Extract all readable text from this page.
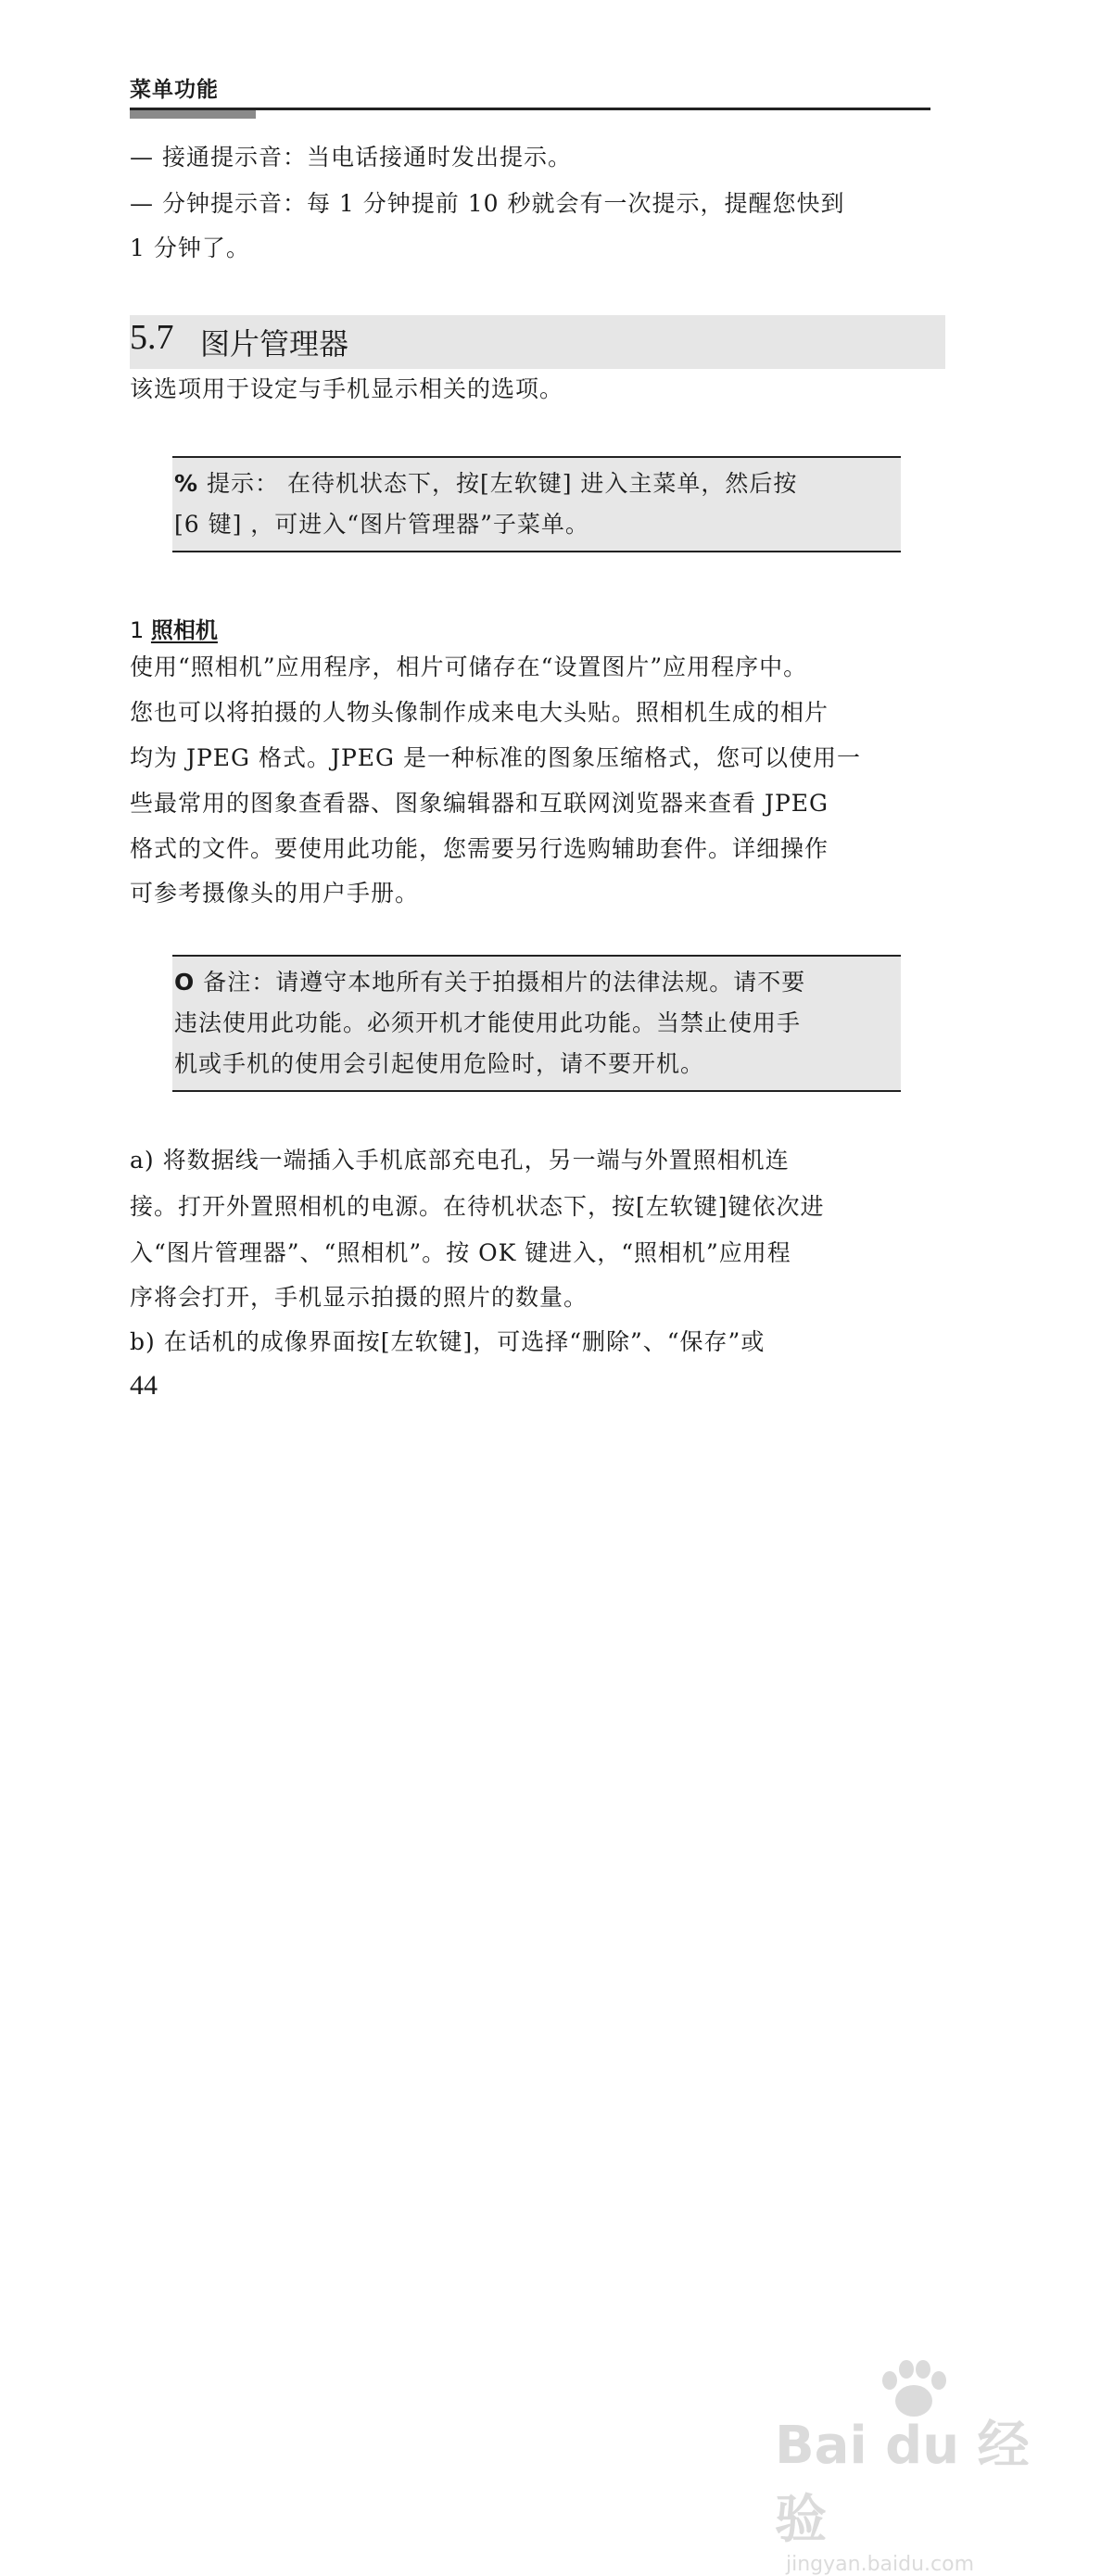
菜单功能
— 接通提示音：当电话接通时发出提示。
— 分钟提示音：每 1 分钟提前 10 秒就会有一次提示，提醒您快到
1 分钟了。
5.7 图片管理器
该选项用于设定与手机显示相关的选项。
% 提示： 在待机状态下，按[左软键] 进入主菜单，然后按
[6 键] ，可进入“图片管理器”子菜单。
1 照相机
使用“照相机”应用程序，相片可储存在“设置图片”应用程序中。
您也可以将拍摄的人物头像制作成来电大头贴。照相机生成的相片
均为 JPEG 格式。JPEG 是一种标准的图象压缩格式，您可以使用一
些最常用的图象查看器、图象编辑器和互联网浏览器来查看 JPEG
格式的文件。要使用此功能，您需要另行选购辅助套件。详细操作
可参考摄像头的用户手册。
O 备注：请遵守本地所有关于拍摄相片的法律法规。请不要
违法使用此功能。必须开机才能使用此功能。当禁止使用手
机或手机的使用会引起使用危险时，请不要开机。
a) 将数据线一端插入手机底部充电孔，另一端与外置照相机连
接。打开外置照相机的电源。在待机状态下，按[左软键]键依次进
入“图片管理器”、“照相机”。按 OK 键进入，“照相机”应用程
序将会打开，手机显示拍摄的照片的数量。
b) 在话机的成像界面按[左软键]，可选择“删除”、“保存”或
44
Bai du 经验
jingyan.baidu.com
